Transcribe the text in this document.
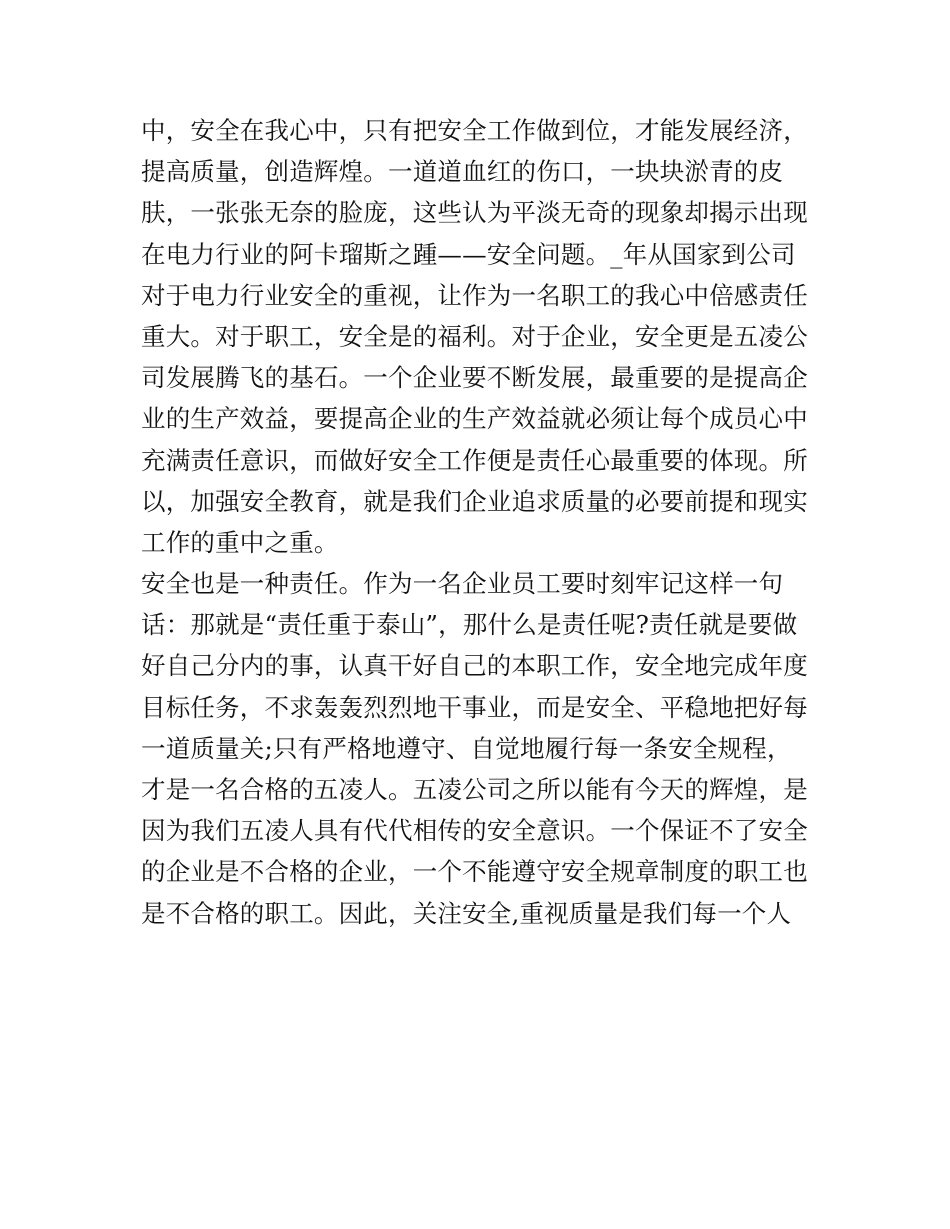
中，安全在我心中，只有把安全工作做到位，才能发展经济，
提高质量，创造辉煌。一道道血红的伤口，一块块淤青的皮
肤，一张张无奈的脸庞，这些认为平淡无奇的现象却揭示出现
在电力行业的阿卡瑠斯之踵——安全问题。_年从国家到公司
对于电力行业安全的重视，让作为一名职工的我心中倍感责任
重大。对于职工，安全是的福利。对于企业，安全更是五凌公
司发展腾飞的基石。一个企业要不断发展，最重要的是提高企
业的生产效益，要提高企业的生产效益就必须让每个成员心中
充满责任意识，而做好安全工作便是责任心最重要的体现。所
以，加强安全教育，就是我们企业追求质量的必要前提和现实
工作的重中之重。
安全也是一种责任。作为一名企业员工要时刻牢记这样一句
话：那就是“责任重于泰山”，那什么是责任呢?责任就是要做
好自己分内的事，认真干好自己的本职工作，安全地完成年度
目标任务，不求轰轰烈烈地干事业，而是安全、平稳地把好每
一道质量关;只有严格地遵守、自觉地履行每一条安全规程，
才是一名合格的五凌人。五凌公司之所以能有今天的辉煌，是
因为我们五凌人具有代代相传的安全意识。一个保证不了安全
的企业是不合格的企业，一个不能遵守安全规章制度的职工也
是不合格的职工。因此，关注安全,重视质量是我们每一个人
